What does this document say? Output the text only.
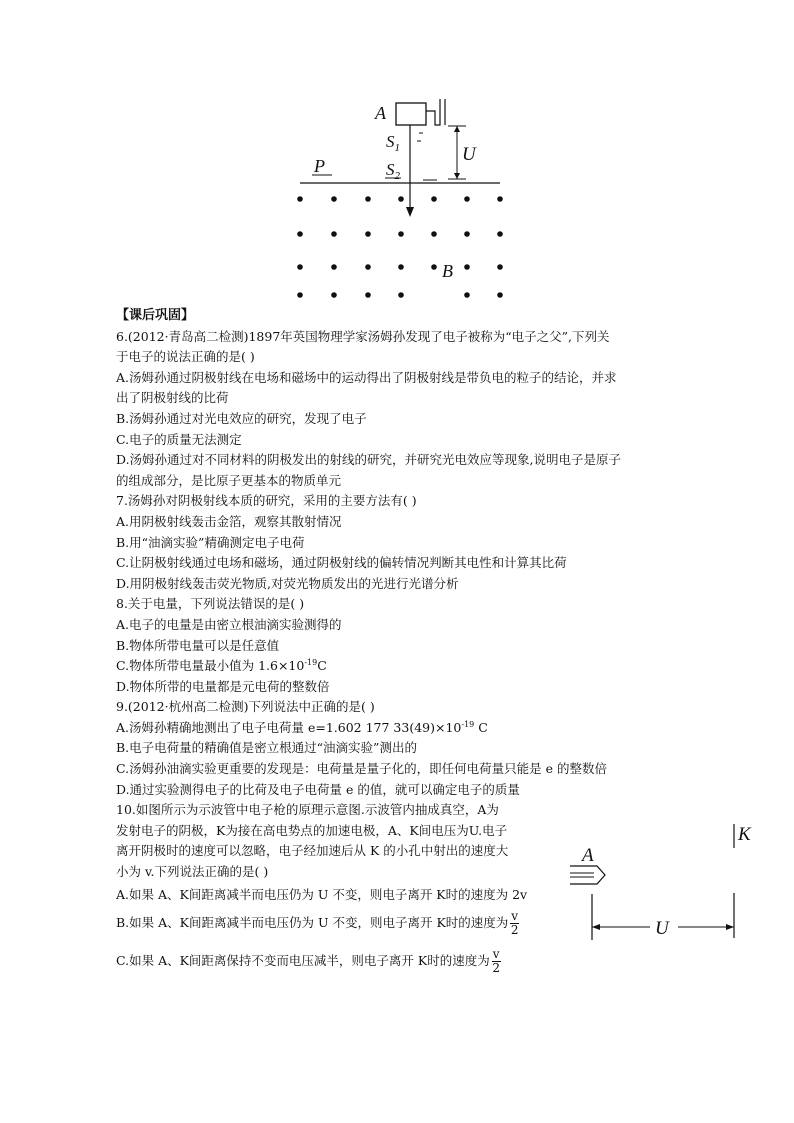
A
$S_1$
$S_2$
U
P
B
A
K
U
【课后巩固】
6.(2012·青岛高二检测)1897年英国物理学家汤姆孙发现了电子被称为“电子之父”,下列关
于电子的说法正确的是( )
A.汤姆孙通过阴极射线在电场和磁场中的运动得出了阴极射线是带负电的粒子的结论，并求
出了阴极射线的比荷
B.汤姆孙通过对光电效应的研究，发现了电子
C.电子的质量无法测定
D.汤姆孙通过对不同材料的阴极发出的射线的研究，并研究光电效应等现象,说明电子是原子
的组成部分，是比原子更基本的物质单元
7.汤姆孙对阴极射线本质的研究，采用的主要方法有( )
A.用阴极射线轰击金箔，观察其散射情况
B.用“油滴实验”精确测定电子电荷
C.让阴极射线通过电场和磁场，通过阴极射线的偏转情况判断其电性和计算其比荷
D.用阴极射线轰击荧光物质,对荧光物质发出的光进行光谱分析
8.关于电量，下列说法错误的是( )
A.电子的电量是由密立根油滴实验测得的
B.物体所带电量可以是任意值
C.物体所带电量最小值为 $1.6\times 10^{-19}C$
D.物体所带的电量都是元电荷的整数倍
9.(2012·杭州高二检测)下列说法中正确的是( )
A.汤姆孙精确地测出了电子电荷量 e=1.602 177 $33(49)\times 10^{-19}$ C
B.电子电荷量的精确值是密立根通过“油滴实验”测出的
C.汤姆孙油滴实验更重要的发现是：电荷量是量子化的，即任何电荷量只能是 e 的整数倍
D.通过实验测得电子的比荷及电子电荷量 e 的值，就可以确定电子的质量
10.如图所示为示波管中电子枪的原理示意图.示波管内抽成真空，A为
发射电子的阴极，K为接在高电势点的加速电极，A、K间电压为U.电子
离开阴极时的速度可以忽略，电子经加速后从 K 的小孔中射出的速度大
小为 v.下列说法正确的是( )
A.如果 A、K间距离减半而电压仍为 U 不变，则电子离开 K时的速度为 2v
B.如果 A、K间距离减半而电压仍为 U 不变，则电子离开 K时的速度为 $\frac{v}{2}$
C.如果 A、K间距离保持不变而电压减半，则电子离开 K时的速度为 $\frac{v}{2}$
